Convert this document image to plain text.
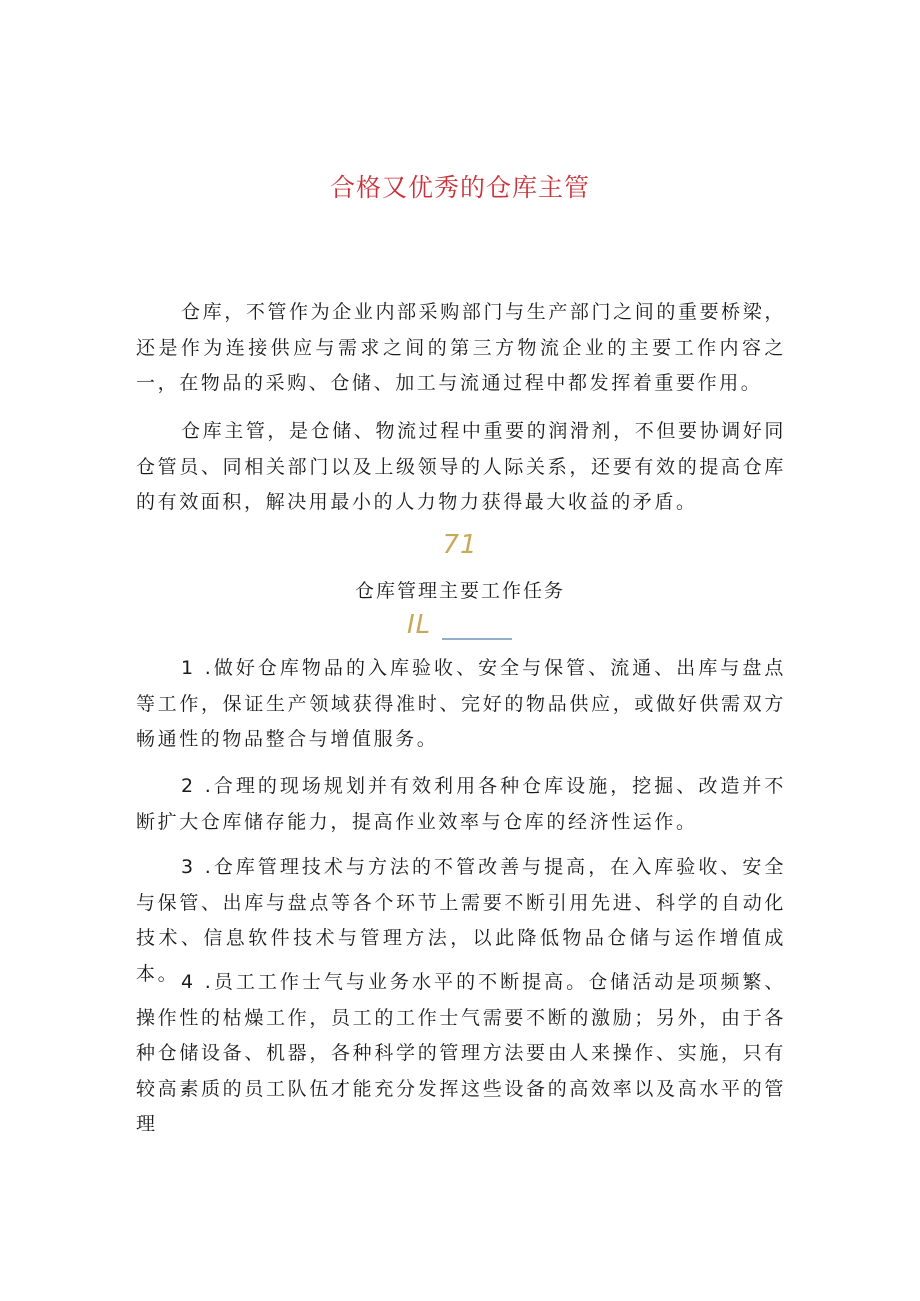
合格又优秀的仓库主管

仓库，不管作为企业内部采购部门与生产部门之间的重要桥梁，还是作为连接供应与需求之间的第三方物流企业的主要工作内容之一，在物品的采购、仓储、加工与流通过程中都发挥着重要作用。

仓库主管，是仓储、物流过程中重要的润滑剂，不但要协调好同仓管员、同相关部门以及上级领导的人际关系，还要有效的提高仓库的有效面积，解决用最小的人力物力获得最大收益的矛盾。

71
仓库管理主要工作任务
IL

1 .做好仓库物品的入库验收、安全与保管、流通、出库与盘点等工作，保证生产领域获得准时、完好的物品供应，或做好供需双方畅通性的物品整合与增值服务。

2 .合理的现场规划并有效利用各种仓库设施，挖掘、改造并不断扩大仓库储存能力，提高作业效率与仓库的经济性运作。

3 .仓库管理技术与方法的不管改善与提高，在入库验收、安全与保管、出库与盘点等各个环节上需要不断引用先进、科学的自动化技术、信息软件技术与管理方法，以此降低物品仓储与运作增值成本。 4 .员工工作士气与业务水平的不断提高。仓储活动是项频繁、操作性的枯燥工作，员工的工作士气需要不断的激励；另外，由于各种仓储设备、机器，各种科学的管理方法要由人来操作、实施，只有较高素质的员工队伍才能充分发挥这些设备的高效率以及高水平的管理
